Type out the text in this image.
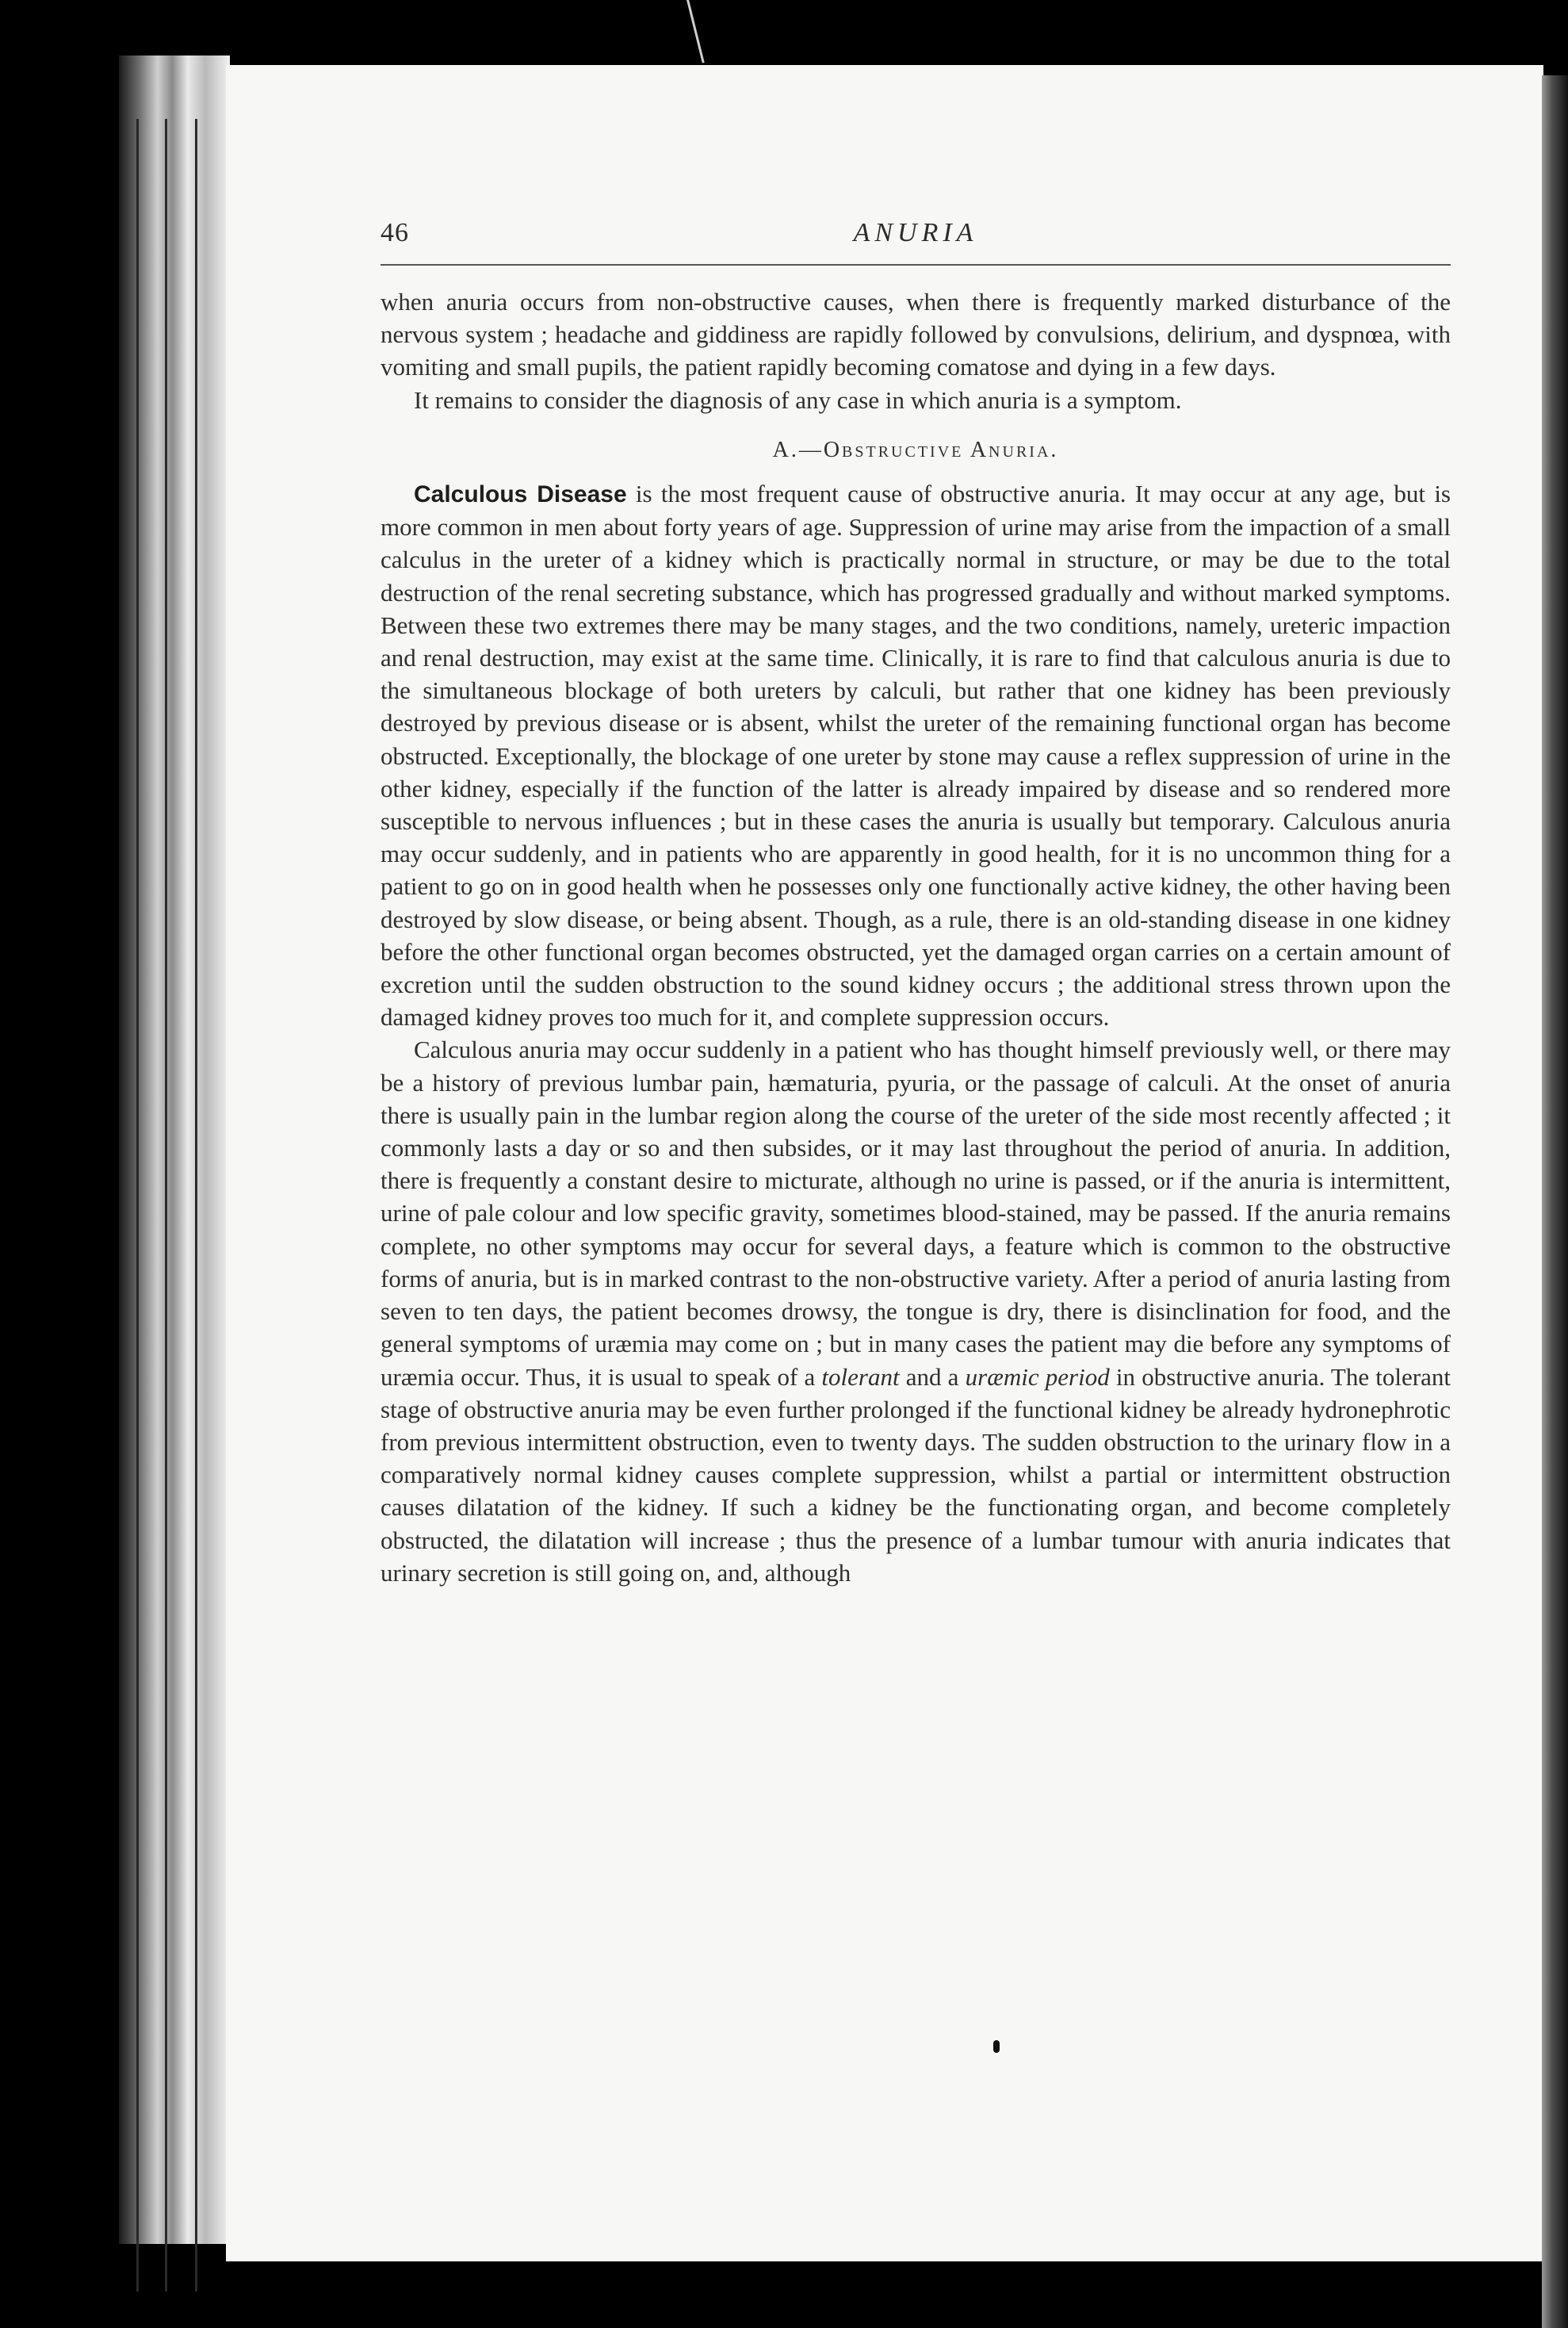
46	ANURIA

when anuria occurs from non-obstructive causes, when there is frequently marked disturbance of the nervous system ; headache and giddiness are rapidly followed by convulsions, delirium, and dyspnœa, with vomiting and small pupils, the patient rapidly becoming comatose and dying in a few days.

It remains to consider the diagnosis of any case in which anuria is a symptom.

A.—Obstructive Anuria.

Calculous Disease is the most frequent cause of obstructive anuria. It may occur at any age, but is more common in men about forty years of age. Suppression of urine may arise from the impaction of a small calculus in the ureter of a kidney which is practically normal in structure, or may be due to the total destruction of the renal secreting substance, which has progressed gradually and without marked symptoms. Between these two extremes there may be many stages, and the two conditions, namely, ureteric impaction and renal destruction, may exist at the same time. Clinically, it is rare to find that calculous anuria is due to the simultaneous blockage of both ureters by calculi, but rather that one kidney has been previously destroyed by previous disease or is absent, whilst the ureter of the remaining functional organ has become obstructed. Exceptionally, the blockage of one ureter by stone may cause a reflex suppression of urine in the other kidney, especially if the function of the latter is already impaired by disease and so rendered more susceptible to nervous influences ; but in these cases the anuria is usually but temporary. Calculous anuria may occur suddenly, and in patients who are apparently in good health, for it is no uncommon thing for a patient to go on in good health when he possesses only one functionally active kidney, the other having been destroyed by slow disease, or being absent. Though, as a rule, there is an old-standing disease in one kidney before the other functional organ becomes obstructed, yet the damaged organ carries on a certain amount of excretion until the sudden obstruction to the sound kidney occurs ; the additional stress thrown upon the damaged kidney proves too much for it, and complete suppression occurs.

Calculous anuria may occur suddenly in a patient who has thought himself previously well, or there may be a history of previous lumbar pain, hæmaturia, pyuria, or the passage of calculi. At the onset of anuria there is usually pain in the lumbar region along the course of the ureter of the side most recently affected ; it commonly lasts a day or so and then subsides, or it may last throughout the period of anuria. In addition, there is frequently a constant desire to micturate, although no urine is passed, or if the anuria is intermittent, urine of pale colour and low specific gravity, sometimes blood-stained, may be passed. If the anuria remains complete, no other symptoms may occur for several days, a feature which is common to the obstructive forms of anuria, but is in marked contrast to the non-obstructive variety. After a period of anuria lasting from seven to ten days, the patient becomes drowsy, the tongue is dry, there is disinclination for food, and the general symptoms of uræmia may come on ; but in many cases the patient may die before any symptoms of uræmia occur. Thus, it is usual to speak of a tolerant and a uræmic period in obstructive anuria. The tolerant stage of obstructive anuria may be even further prolonged if the functional kidney be already hydronephrotic from previous intermittent obstruction, even to twenty days. The sudden obstruction to the urinary flow in a comparatively normal kidney causes complete suppression, whilst a partial or intermittent obstruction causes dilatation of the kidney. If such a kidney be the functionating organ, and become completely obstructed, the dilatation will increase ; thus the presence of a lumbar tumour with anuria indicates that urinary secretion is still going on, and, although
